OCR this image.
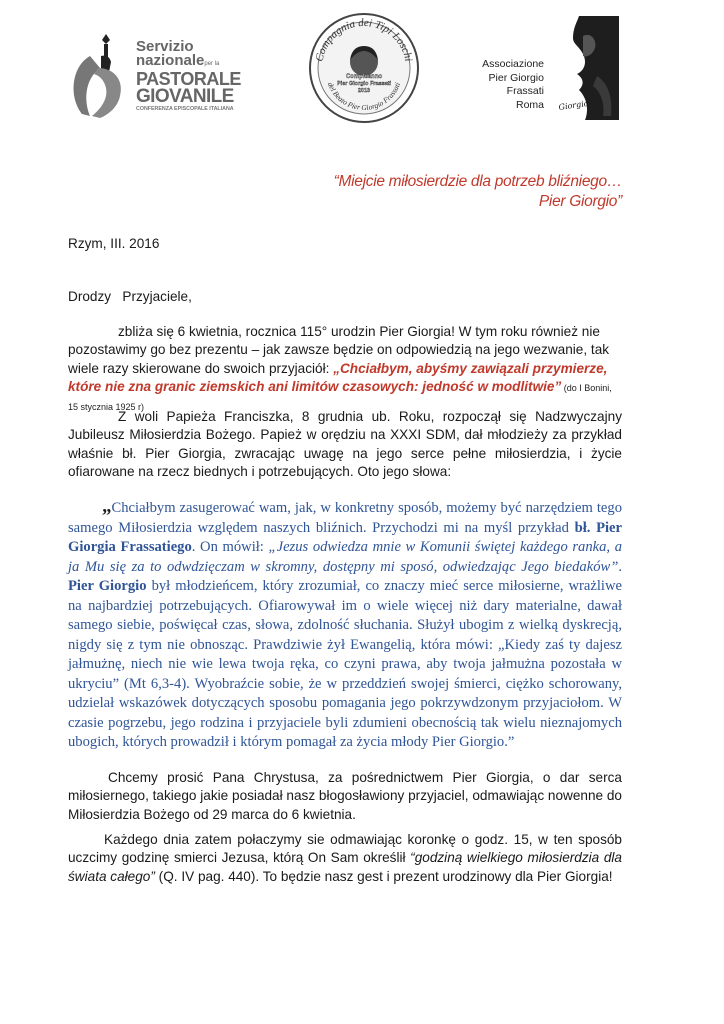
Servizio
nazionaleper la
PASTORALE
GIOVANILE
CONFERENZA EPISCOPALE ITALIANA
Compagnia dei Tipi Loschi
del Beato Pier Giorgio Frassati
Compleanno
Pier Giorgio Frassati
2013
Associazione
Pier Giorgio
Frassati
Roma Giorgio
“Miejcie miłosierdzie dla potrzeb bliźniego…
Pier Giorgio”

Rzym, III. 2016

Drodzy   Przyjaciele,

zbliża się 6 kwietnia, rocznica 115° urodzin Pier Giorgia! W tym roku również nie pozostawimy go bez prezentu – jak zawsze będzie on odpowiedzią na jego wezwanie, tak wiele razy skierowane do swoich przyjaciół: „Chciałbym, abyśmy zawiązali przymierze, które nie zna granic ziemskich ani limitów czasowych: jedność w modlitwie” (do I Bonini, 15 stycznia 1925 r)

Z woli Papieża Franciszka, 8 grudnia ub. Roku, rozpoczął się Nadzwyczajny Jubileusz Miłosierdzia Bożego. Papież w orędziu na XXXI SDM, dał młodzieży za przykład właśnie bł. Pier Giorgia, zwracając uwagę na jego serce pełne miłosierdzia, i życie ofiarowane na rzecz biednych i potrzebujących. Oto jego słowa:

„Chciałbym zasugerować wam, jak, w konkretny sposób, możemy być narzędziem tego samego Miłosierdzia względem naszych bliźnich. Przychodzi mi na myśl przykład bł. Pier Giorgia Frassatiego. On mówił: „Jezus odwiedza mnie w Komunii świętej każdego ranka, a ja Mu się za to odwdzięczam w skromny, dostępny mi sposó, odwiedzając Jego biedaków”. Pier Giorgio był młodzieńcem, który zrozumiał, co znaczy mieć serce miłosierne, wrażliwe na najbardziej potrzebujących. Ofiarowywał im o wiele więcej niż dary materialne, dawał samego siebie, poświęcał czas, słowa, zdolność słuchania. Służył ubogim z wielką dyskrecją, nigdy się z tym nie obnosząc. Prawdziwie żył Ewangelią, która mówi: „Kiedy zaś ty dajesz jałmużnę, niech nie wie lewa twoja ręka, co czyni prawa, aby twoja jałmużna pozostała w ukryciu” (Mt 6,3-4). Wyobraźcie sobie, że w przeddzień swojej śmierci, ciężko schorowany, udzielał wskazówek dotyczących sposobu pomagania jego pokrzywdzonym przyjaciołom. W czasie pogrzebu, jego rodzina i przyjaciele byli zdumieni obecnością tak wielu nieznajomych ubogich, których prowadził i którym pomagał za życia młody Pier Giorgio.”

Chcemy prosić Pana Chrystusa, za pośrednictwem Pier Giorgia, o dar serca miłosiernego, takiego jakie posiadał nasz błogosławiony przyjaciel, odmawiając nowenne do Miłosierdzia Bożego od 29 marca do 6 kwietnia.

Każdego dnia zatem połaczymy sie odmawiając koronkę o godz. 15, w ten sposób uczcimy godzinę smierci Jezusa, którą On Sam określił “godziną wielkiego miłosierdzia dla świata całego” (Q. IV pag. 440). To będzie nasz gest i prezent urodzinowy dla Pier Giorgia!
